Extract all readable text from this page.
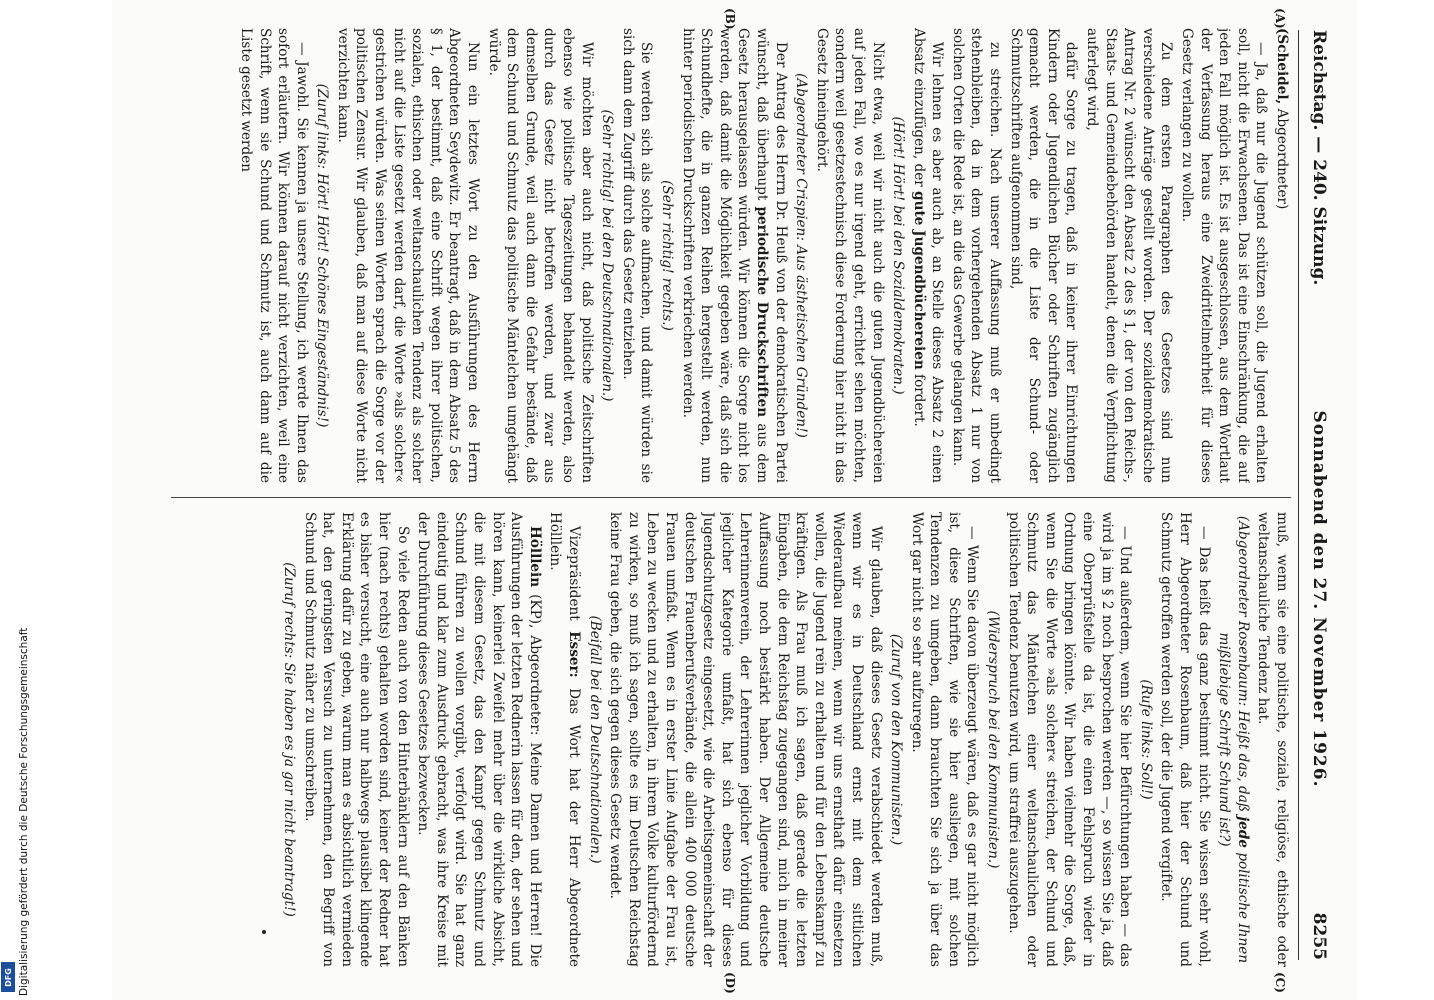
Digitalisierung gefördert durch die Deutsche Forschungsgemeinschaft
DFG
Reichstag. — 240. Sitzung.
Sonnabend den 27. November 1926.
8255

(Scheidel, Abgeordneter)

— Ja, daß nur die Jugend schützen soll, die Jugend erhalten soll, nicht die Erwachsenen. Das ist eine Einschränkung, die auf jeden Fall möglich ist. Es ist ausgeschlossen, aus dem Wortlaut der Verfassung heraus eine Zweidrittelmehrheit für dieses Gesetz verlangen zu wollen.

Zu dem ersten Paragraphen des Gesetzes sind nun verschiedene Anträge gestellt worden. Der sozialdemokratische Antrag Nr. 2 wünscht den Absatz 2 des § 1, der von den Reichs-, Staats- und Gemeindebehörden handelt, denen die Verpflichtung auferlegt wird,

dafür Sorge zu tragen, daß in keiner ihrer Einrichtungen Kindern oder Jugendlichen Bücher oder Schriften zugänglich gemacht werden, die in die Liste der Schund- oder Schmutzschriften aufgenommen sind,

zu streichen. Nach unserer Auffassung muß er unbedingt stehenbleiben, da in dem vorhergehenden Absatz 1 nur von solchen Orten die Rede ist, an die das Gewerbe gelangen kann.

Wir lehnen es aber auch ab, an Stelle dieses Absatz 2 einen Absatz einzufügen, der gute Jugendbüchereien fordert.

(Hört! Hört! bei den Sozialdemokraten.)

Nicht etwa, weil wir nicht auch die guten Jugendbüchereien auf jeden Fall, wo es nur irgend geht, errichtet sehen möchten, sondern weil gesetzestechnisch diese Forderung hier nicht in das Gesetz hineingehört.

(Abgeordneter Crispien: Aus ästhetischen Gründen!)

Der Antrag des Herrn Dr. Heuß von der demokratischen Partei wünscht, daß überhaupt periodische Druckschriften aus dem Gesetz herausgelassen würden. Wir können die Sorge nicht los werden, daß damit die Möglichkeit gegeben wäre, daß sich die Schundhefte, die in ganzen Reihen hergestellt werden, nun hinter periodischen Druckschriften verkriechen werden.

(Sehr richtig! rechts.)

Sie werden sich als solche aufmachen, und damit würden sie sich dann dem Zugriff durch das Gesetz entziehen.

(Sehr richtig! bei den Deutschnationalen.)

Wir möchten aber auch nicht, daß politische Zeitschriften ebenso wie politische Tageszeitungen behandelt werden, also durch das Gesetz nicht betroffen werden, und zwar aus demselben Grunde, weil auch dann die Gefahr bestände, daß dem Schund und Schmutz das politische Mäntelchen umgehängt würde.

Nun ein letztes Wort zu den Ausführungen des Herrn Abgeordneten Seydewitz. Er beantragt, daß in dem Absatz 5 des § 1, der bestimmt, daß eine Schrift wegen ihrer politischen, sozialen, ethischen oder weltanschaulichen Tendenz als solcher nicht auf die Liste gesetzt werden darf, die Worte »als solcher« gestrichen würden. Was seinen Worten sprach die Sorge vor der politischen Zensur. Wir glauben, daß man auf diese Worte nicht verzichten kann.

(Zuruf links: Hört! Hört! Schönes Eingeständnis!)

— Jawohl. Sie kennen ja unsere Stellung, ich werde Ihnen das sofort erläutern. Wir können darauf nicht verzichten, weil eine Schrift, wenn sie Schund und Schmutz ist, auch dann auf die Liste gesetzt werden

muß, wenn sie eine politische, soziale, religiöse, ethische oder weltanschauliche Tendenz hat.

(Abgeordneter Rosenbaum: Heißt das, daß jede politische Ihnen mißliebige Schrift Schund ist?)

— Das heißt das ganz bestimmt nicht. Sie wissen sehr wohl, Herr Abgeordneter Rosenbaum, daß hier der Schund und Schmutz getroffen werden soll, der die Jugend vergiftet.

(Rufe links: Soll!)

— Und außerdem, wenn Sie hier Befürchtungen haben — das wird ja im § 2 noch besprochen werden —, so wissen Sie ja, daß eine Oberprüfstelle da ist, die einen Fehlspruch wieder in Ordnung bringen könnte. Wir haben vielmehr die Sorge, daß, wenn Sie die Worte »als solcher« streichen, der Schund und Schmutz das Mäntelchen einer weltanschaulichen oder politischen Tendenz benutzen wird, um straffrei auszugehen.

(Widerspruch bei den Kommunisten.)

— Wenn Sie davon überzeugt wären, daß es gar nicht möglich ist, diese Schriften, wie sie hier ausliegen, mit solchen Tendenzen zu umgeben, dann brauchten Sie sich ja über das Wort gar nicht so sehr aufzuregen.

(Zuruf von den Kommunisten.)

Wir glauben, daß dieses Gesetz verabschiedet werden muß, wenn wir es in Deutschland ernst mit dem sittlichen Wiederaufbau meinen, wenn wir uns ernsthaft dafür einsetzen wollen, die Jugend rein zu erhalten und für den Lebenskampf zu kräftigen. Als Frau muß ich sagen, daß gerade die letzten Eingaben, die dem Reichstag zugegangen sind, mich in meiner Auffassung noch bestärkt haben. Der Allgemeine deutsche Lehrerinnenverein, der Lehrerinnen jeglicher Vorbildung und jeglicher Kategorie umfaßt, hat sich ebenso für dieses Jugendschutzgesetz eingesetzt, wie die Arbeitsgemeinschaft der deutschen Frauenberufsverbände, die allein 400 000 deutsche Frauen umfaßt. Wenn es in erster Linie Aufgabe der Frau ist, Leben zu wecken und zu erhalten, in ihrem Volke kulturfördernd zu wirken, so muß ich sagen, sollte es im Deutschen Reichstag keine Frau geben, die sich gegen dieses Gesetz wendet.

(Beifall bei den Deutschnationalen.)

Vizepräsident Esser: Das Wort hat der Herr Abgeordnete Hölllein.

Hölllein (KP), Abgeordneter: Meine Damen und Herren! Die Ausführungen der letzten Rednerin lassen für den, der sehen und hören kann, keinerlei Zweifel mehr über die wirkliche Absicht, die mit diesem Gesetz, das den Kampf gegen Schmutz und Schund führen zu wollen vorgibt, verfolgt wird. Sie hat ganz eindeutig und klar zum Ausdruck gebracht, was ihre Kreise mit der Durchführung dieses Gesetzes bezwecken.

So viele Reden auch von den Hinterbänklern auf den Bänken hier (nach rechts) gehalten worden sind, keiner der Redner hat es bisher versucht, eine auch nur halbwegs plausibel klingende Erklärung dafür zu geben, warum man es absichtlich vermieden hat, den geringsten Versuch zu unternehmen, den Begriff von Schund und Schmutz näher zu umschreiben.

(Zuruf rechts: Sie haben es ja gar nicht beantragt!)

(A)
(B)
(C)
(D)
